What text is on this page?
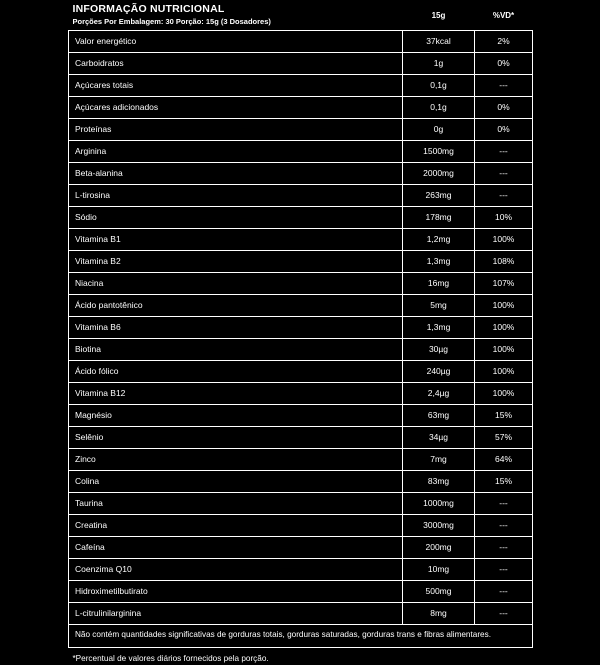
INFORMAÇÃO NUTRICIONAL
Porções Por Embalagem: 30 Porção: 15g (3 Dosadores)	15g	%VD*
Valor energético	37kcal	2%
Carboidratos	1g	0%
Açúcares totais	0,1g	---
Açúcares adicionados	0,1g	0%
Proteínas	0g	0%
Arginina	1500mg	---
Beta-alanina	2000mg	---
L-tirosina	263mg	---
Sódio	178mg	10%
Vitamina B1	1,2mg	100%
Vitamina B2	1,3mg	108%
Niacina	16mg	107%
Ácido pantotênico	5mg	100%
Vitamina B6	1,3mg	100%
Biotina	30µg	100%
Ácido fólico	240µg	100%
Vitamina B12	2,4µg	100%
Magnésio	63mg	15%
Selênio	34µg	57%
Zinco	7mg	64%
Colina	83mg	15%
Taurina	1000mg	---
Creatina	3000mg	---
Cafeína	200mg	---
Coenzima Q10	10mg	---
Hidroximetilbutirato	500mg	---
L-citrulinilarginina	8mg	---
Não contém quantidades significativas de gorduras totais, gorduras saturadas, gorduras trans e fibras alimentares.		
*Percentual de valores diários fornecidos pela porção.		
